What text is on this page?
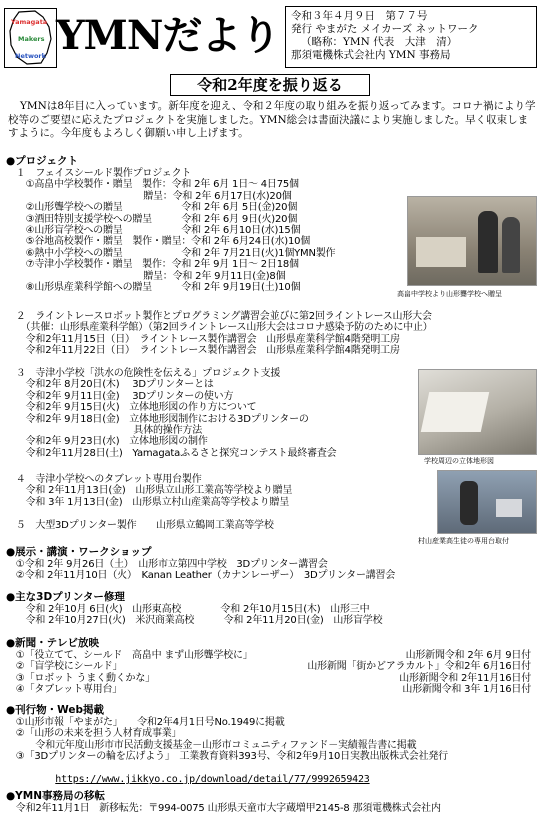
Yamagata
Makers
Network YMNだより 令和３年４月９日　第７７号
発行 やまがた メイカーズ ネットワーク
（略称：YMN 代表　大津　清）
那須電機株式会社内 YMN 事務局
令和2年度を振り返る
YMNは8年目に入っています。新年度を迎え、令和２年度の取り組みを振り返ってみます。コロナ禍により学校等のご要望に応えたプロジェクトを実施しました。YMN総会は書面決議により実施しました。早く収束しますように。今年度もよろしく御願い申し上げます。
●プロジェクト
　１　フェイスシールド製作プロジェクト
　　①高畠中学校製作・贈呈　製作：令和 2年 6月 1日～ 4日75個
　　　　　　　　　　　　　　贈呈：令和 2年 6月17日(水)20個
　　②山形聾学校への贈呈　　　　　　令和 2年 6月 5日(金)20個
　　③酒田特別支援学校への贈呈　　　令和 2年 6月 9日(火)20個
　　④山形盲学校への贈呈　　　　　　令和 2年 6月10日(水)15個
　　⑤谷地高校製作・贈呈　製作・贈呈：令和 2年 6月24日(水)10個
　　⑥熱中小学校への贈呈　　　　　　令和 2年 7月21日(火)1個YMN製作
　　⑦寺津小学校製作・贈呈　製作：令和 2年 9月 1日～ 2日18個
　　　　　　　　　　　　　　贈呈：令和 2年 9月11日(金)8個
　　⑧山形県産業科学館への贈呈　　　令和 2年 9月19日(土)10個
高畠中学校より山形聾学校へ贈呈
　２　ライントレースロボット製作とプログラミング講習会並びに第2回ライントレース山形大会
　　（共催：山形県産業科学館）（第2回ライントレース山形大会はコロナ感染予防のために中止）
　　令和2年11月15日（日）　ライントレース製作講習会　山形県産業科学館4階発明工房
　　令和2年11月22日（日）　ライントレース製作講習会　山形県産業科学館4階発明工房
　３　寺津小学校「洪水の危険性を伝える」プロジェクト支援
　　令和2年 8月20日(木)　 3Dプリンターとは
　　令和2年 9月11日(金)　 3Dプリンターの使い方
　　令和2年 9月15日(火)　立体地形図の作り方について
　　令和2年 9月18日(金)　立体地形図制作における3Dプリンターの
　　　　　　　　　　　　　具体的操作方法
　　令和2年 9月23日(水)　立体地形図の制作
　　令和2年11月28日(土)　Yamagataふるさと探究コンテスト最終審査会
学校周辺の立体地形図
　４　寺津小学校へのタブレット専用台製作
　　令和 2年11月13日(金)　山形県立山形工業高等学校より贈呈
　　令和 3年 1月13日(金)　山形県立村山産業高等学校より贈呈
　５　大型3Dプリンター製作　　山形県立鶴岡工業高等学校
村山産業高生徒の専用台取付
●展示・講演・ワークショップ
　①令和 2年 9月26日（土）　山形市立第四中学校　3Dプリンター講習会
　②令和 2年11月10日（火）　Kanan Leather（カナンレーザー）　3Dプリンター講習会
●主な3Dプリンター修理
　　令和 2年10月 6日(火)　山形東高校　　　　令和 2年10月15日(木)　山形三中
　　令和 2年10月27日(火)　米沢商業高校　　　令和 2年11月20日(金)　山形盲学校
●新聞・テレビ放映
　①「役立てて、シールド　高畠中 まず山形聾学校に」	山形新聞令和 2年 6月 9日付
　②「盲学校にシールド」	山形新聞「街かどアラカルト」令和2年 6月16日付
　③「ロボット うまく動くかな」	山形新聞令和 2年11月16日付
　④「タブレット専用台」	山形新聞令和 3年 1月16日付
●刊行物・Web掲載
　①山形市報「やまがた」　　令和2年4月1日号No.1949に掲載
　②「山形の未来を担う人材育成事業」
　　　令和元年度山形市市民活動支援基金－山形市コミュニティファンド－実績報告書に掲載
　③「3Dプリンターの輪を広げよう」　工業教育資料393号、令和2年9月10日実教出版株式会社発行

https://www.jikkyo.co.jp/download/detail/77/9992659423

●YMN事務局の移転
　令和2年11月1日　新移転先：〒994-0075 山形県天童市大字蔵増甲2145-8 那須電機株式会社内
